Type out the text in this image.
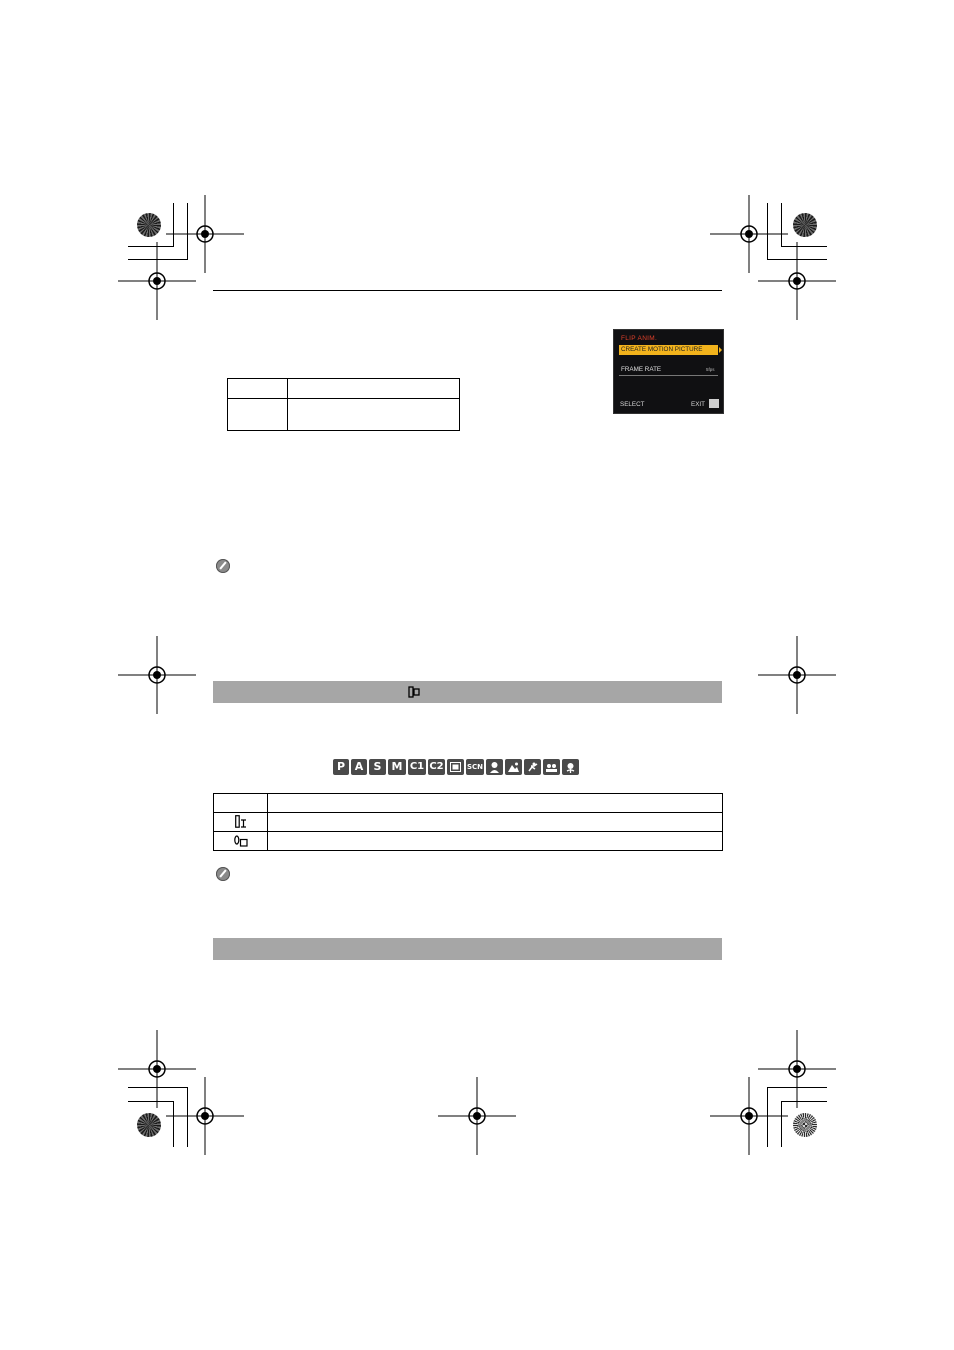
FLIP ANIM.
CREATE MOTION PICTURE
FRAME RATE	5fps
SELECT	EXIT

P A S M C1 C2	SCN
